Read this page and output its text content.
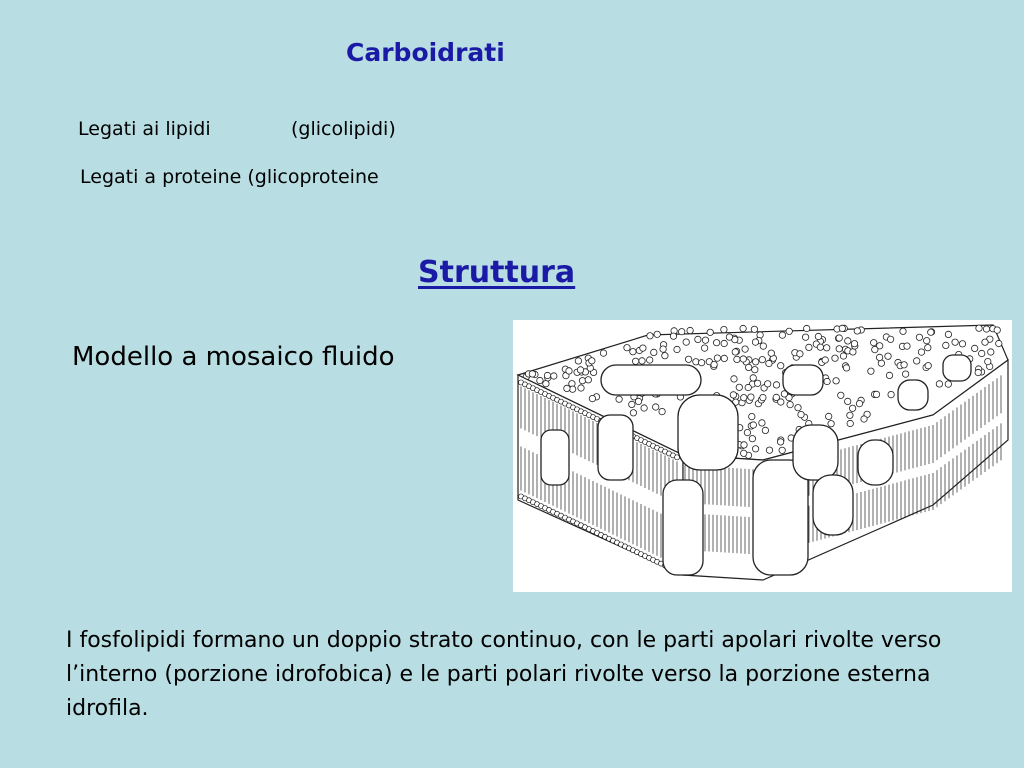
Carboidrati
Legati ai lipidi	(glicolipidi)
Legati a proteine (glicoproteine
Struttura
Modello a mosaico fluido
I fosfolipidi formano un doppio strato continuo, con le parti apolari rivolte verso l’interno (porzione idrofobica) e le parti polari rivolte verso la porzione esterna idrofila.
